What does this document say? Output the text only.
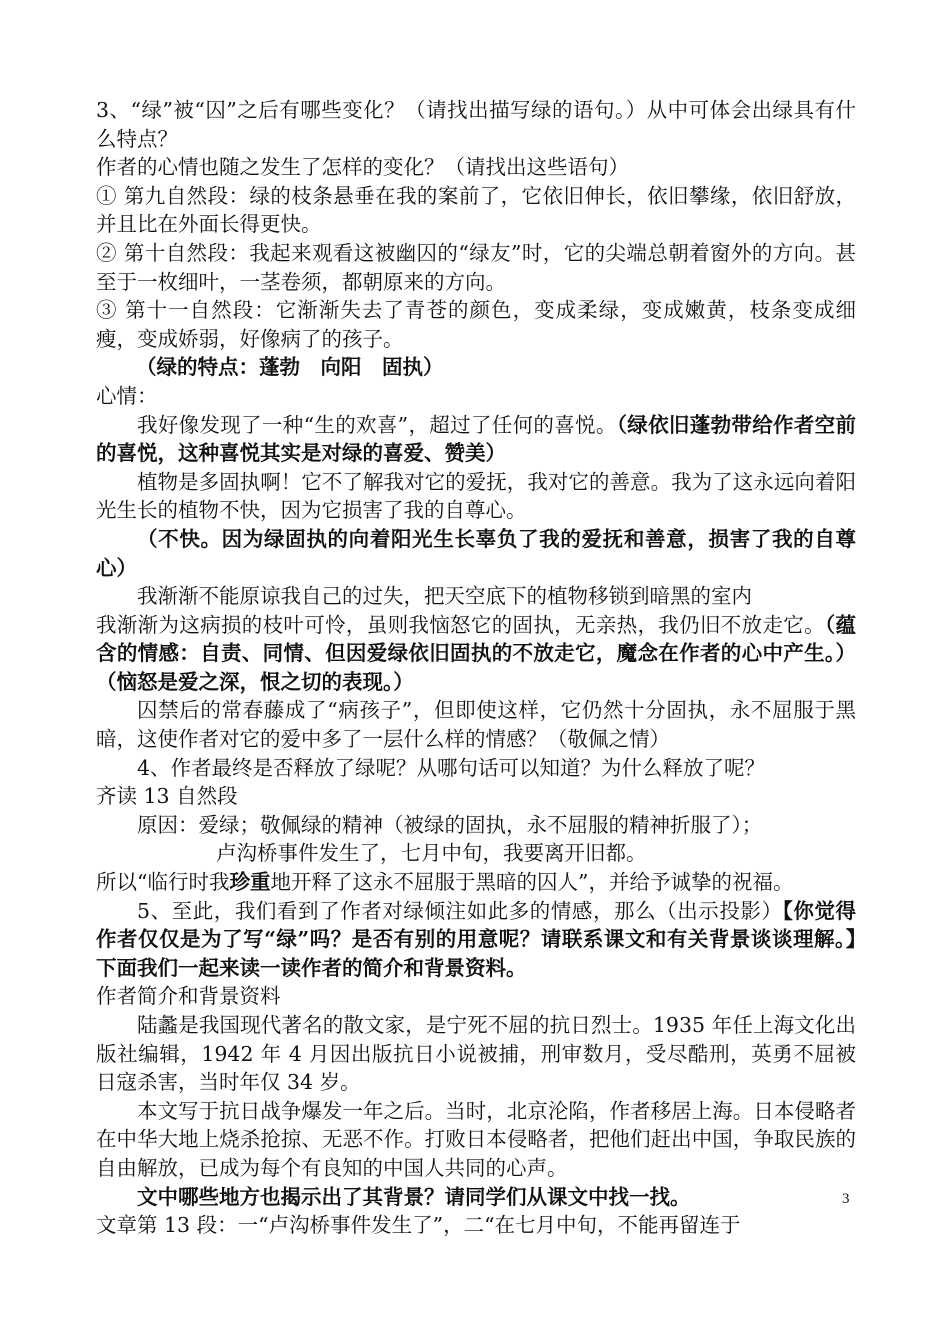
3、“绿”被“囚”之后有哪些变化？（请找出描写绿的语句。）从中可体会出绿具有什么特点？

作者的心情也随之发生了怎样的变化？（请找出这些语句）

① 第九自然段：绿的枝条悬垂在我的案前了，它依旧伸长，依旧攀缘，依旧舒放，并且比在外面长得更快。

② 第十自然段：我起来观看这被幽囚的“绿友”时，它的尖端总朝着窗外的方向。甚至于一枚细叶，一茎卷须，都朝原来的方向。

③ 第十一自然段：它渐渐失去了青苍的颜色，变成柔绿，变成嫩黄，枝条变成细瘦，变成娇弱，好像病了的孩子。

（绿的特点：蓬勃　向阳　固执）

心情：

我好像发现了一种“生的欢喜”，超过了任何的喜悦。（绿依旧蓬勃带给作者空前的喜悦，这种喜悦其实是对绿的喜爱、赞美）

植物是多固执啊！它不了解我对它的爱抚，我对它的善意。我为了这永远向着阳光生长的植物不快，因为它损害了我的自尊心。

（不快。因为绿固执的向着阳光生长辜负了我的爱抚和善意，损害了我的自尊心）

我渐渐不能原谅我自己的过失，把天空底下的植物移锁到暗黑的室内

我渐渐为这病损的枝叶可怜，虽则我恼怒它的固执，无亲热，我仍旧不放走它。（蕴含的情感：自责、同情、但因爱绿依旧固执的不放走它，魔念在作者的心中产生。）（恼怒是爱之深，恨之切的表现。）

囚禁后的常春藤成了“病孩子”，但即使这样，它仍然十分固执，永不屈服于黑暗，这使作者对它的爱中多了一层什么样的情感？（敬佩之情）

4、作者最终是否释放了绿呢？从哪句话可以知道？为什么释放了呢？

齐读 13 自然段

原因：爱绿；敬佩绿的精神（被绿的固执，永不屈服的精神折服了）；

卢沟桥事件发生了，七月中旬，我要离开旧都。

所以“临行时我珍重地开释了这永不屈服于黑暗的囚人”，并给予诚挚的祝福。

5、至此，我们看到了作者对绿倾注如此多的情感，那么（出示投影）【你觉得作者仅仅是为了写“绿”吗？是否有别的用意呢？请联系课文和有关背景谈谈理解。】　下面我们一起来读一读作者的简介和背景资料。

作者简介和背景资料

陆蠡是我国现代著名的散文家，是宁死不屈的抗日烈士。1935 年任上海文化出版社编辑，1942 年 4 月因出版抗日小说被捕，刑审数月，受尽酷刑，英勇不屈被日寇杀害，当时年仅 34 岁。

本文写于抗日战争爆发一年之后。当时，北京沦陷，作者移居上海。日本侵略者在中华大地上烧杀抢掠、无恶不作。打败日本侵略者，把他们赶出中国，争取民族的自由解放，已成为每个有良知的中国人共同的心声。

文中哪些地方也揭示出了其背景？请同学们从课文中找一找。

文章第 13 段：一“卢沟桥事件发生了”，二“在七月中旬，不能再留连于

3
